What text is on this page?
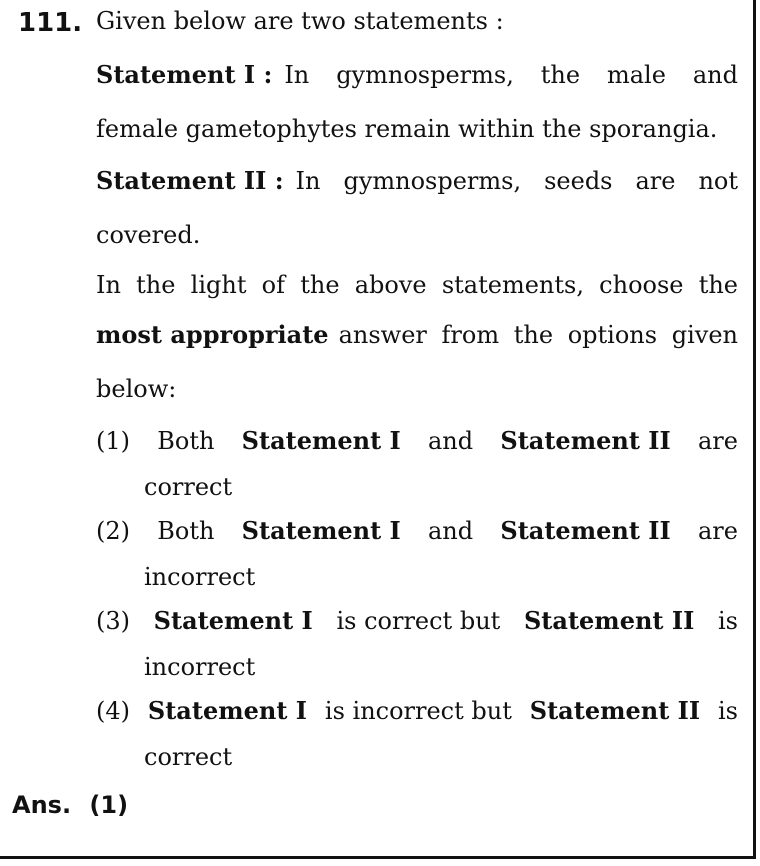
111. Given below are two statements :
Statement I : In gymnosperms, the male and
female gametophytes remain within the sporangia.
Statement II : In gymnosperms, seeds are not
covered.
In the light of the above statements, choose the
most appropriate answer from the options given
below:
(1) Both Statement I and Statement II are
correct
(2) Both Statement I and Statement II are
incorrect
(3) Statement I is correct but Statement II is
incorrect
(4) Statement I is incorrect but Statement II is
correct
Ans. (1)
